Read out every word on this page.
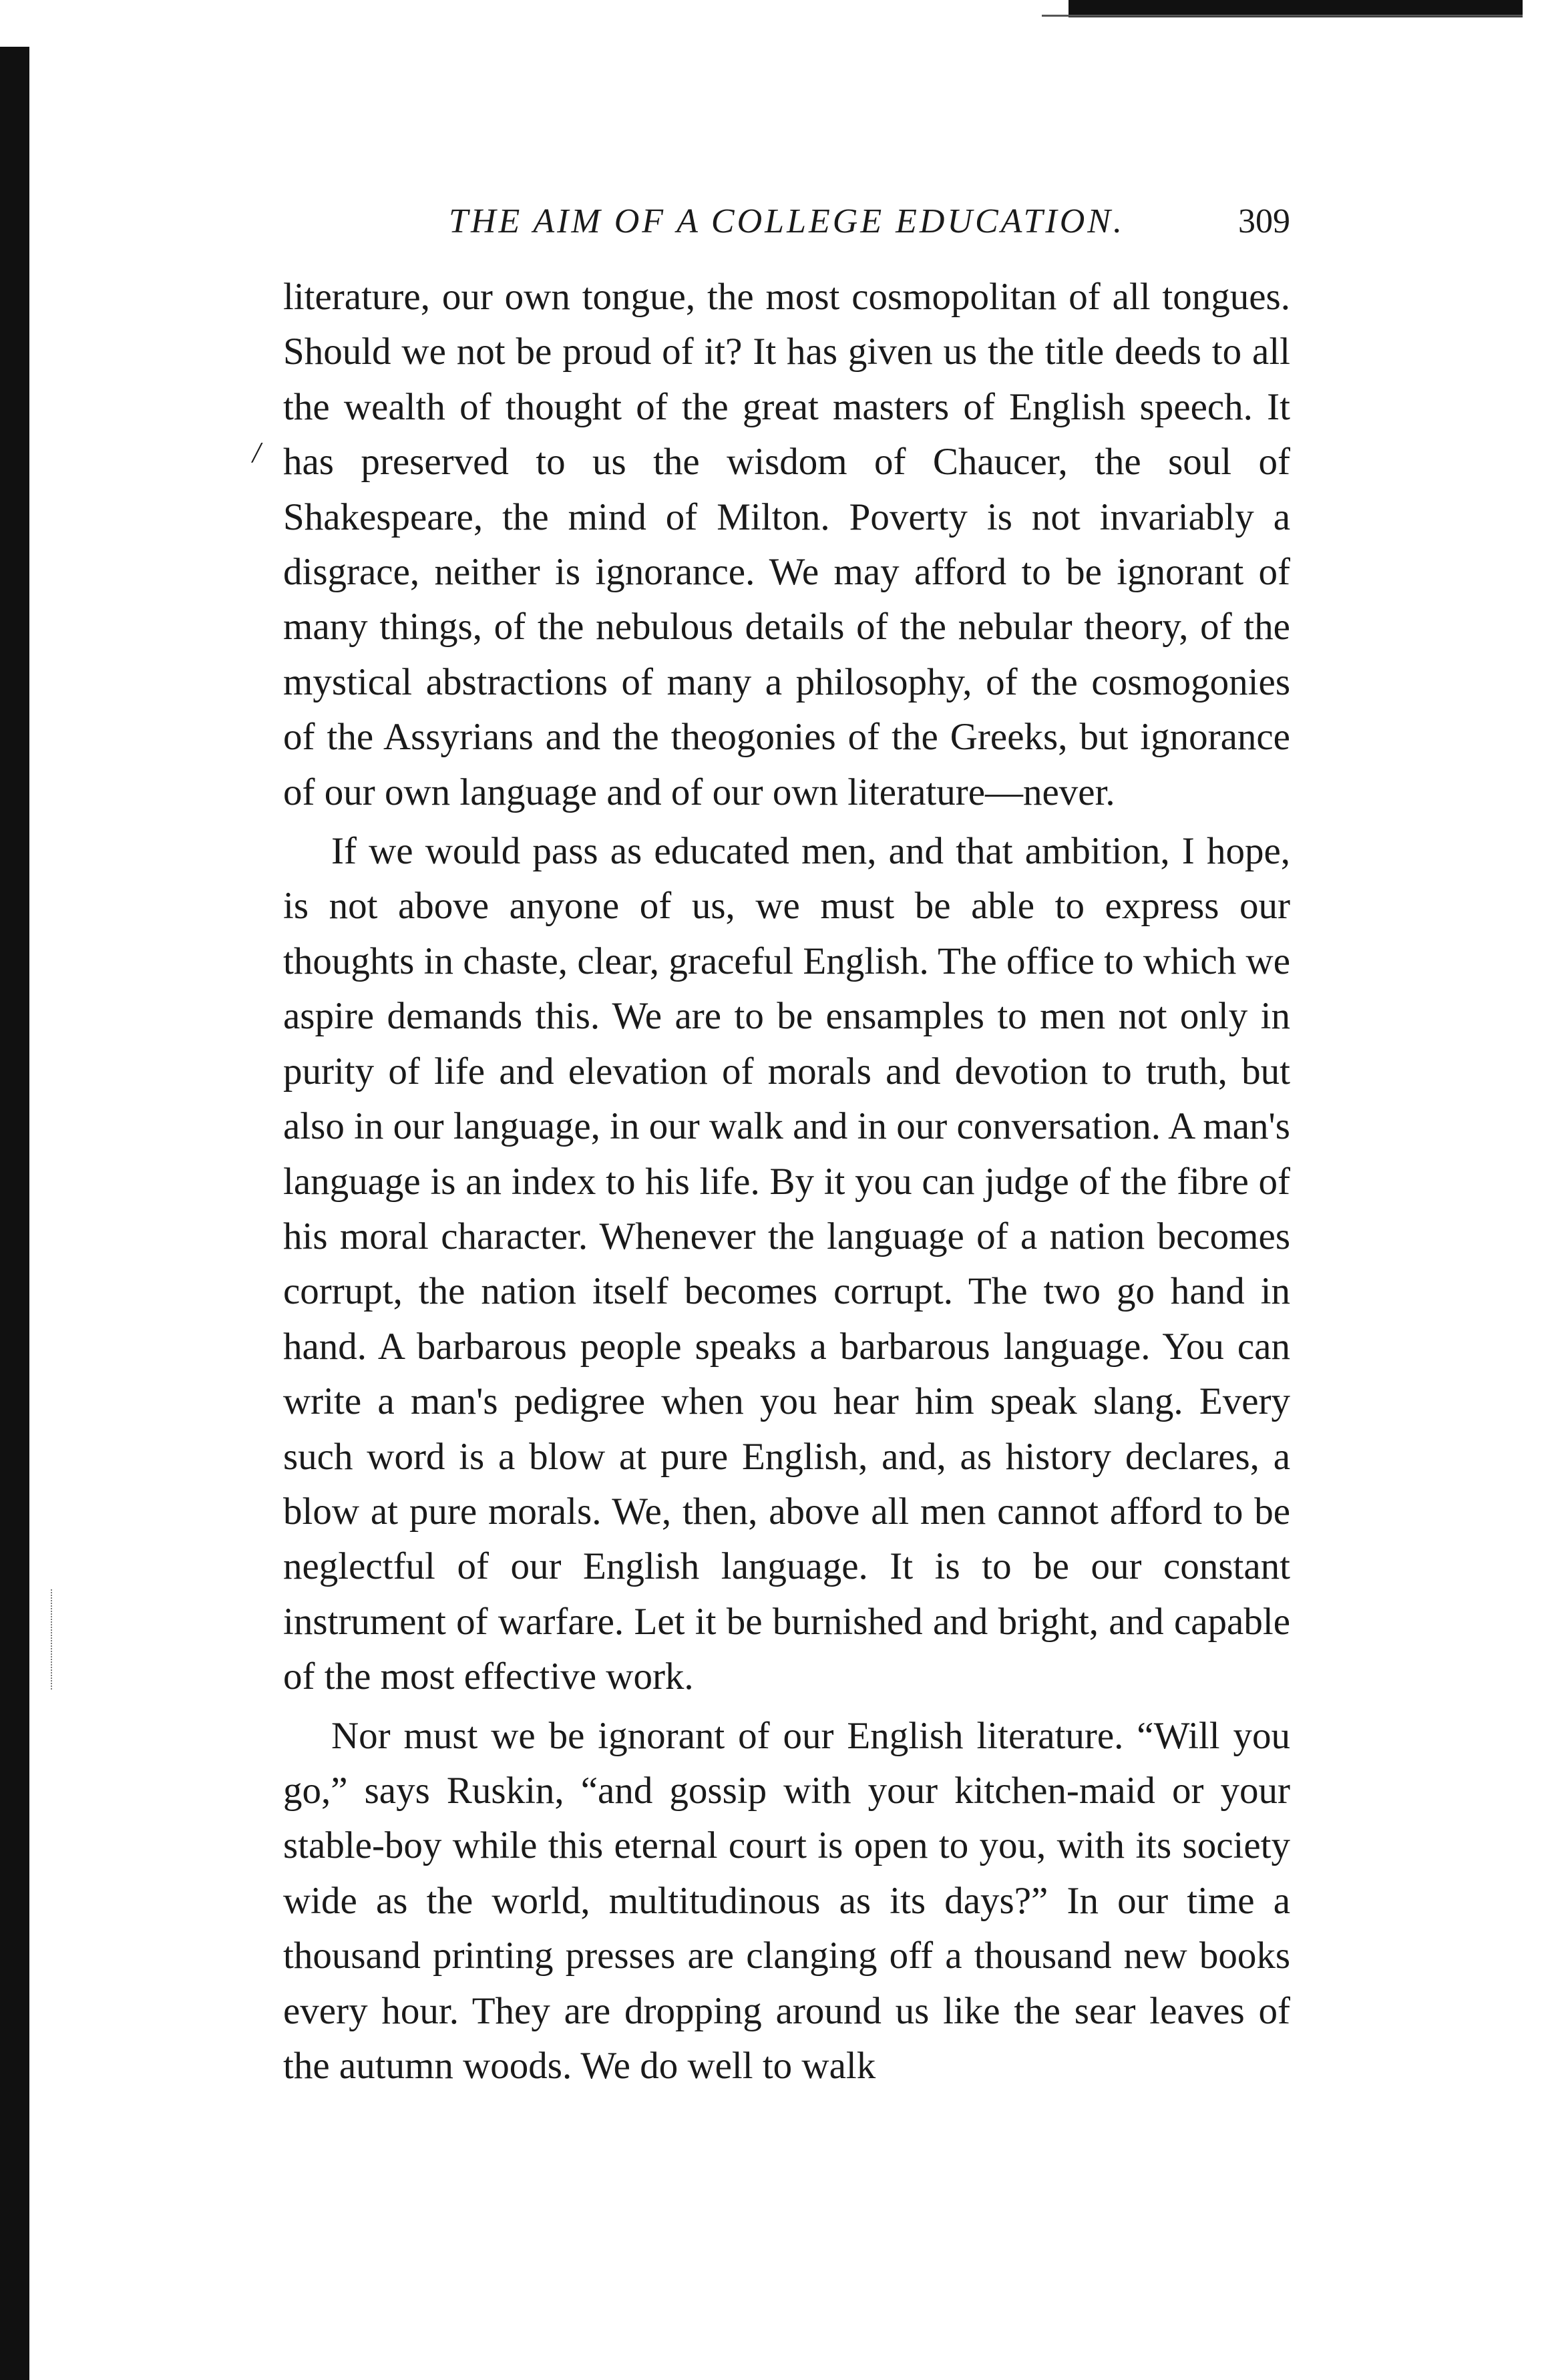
THE AIM OF A COLLEGE EDUCATION.	309
/

literature, our own tongue, the most cosmopolitan of all tongues. Should we not be proud of it? It has given us the title deeds to all the wealth of thought of the great masters of English speech. It has preserved to us the wisdom of Chaucer, the soul of Shakespeare, the mind of Milton. Poverty is not invariably a disgrace, neither is ignorance. We may afford to be ignorant of many things, of the nebulous details of the nebular theory, of the mystical abstractions of many a philosophy, of the cosmogonies of the Assyrians and the theogonies of the Greeks, but ignorance of our own language and of our own literature—never.

If we would pass as educated men, and that ambition, I hope, is not above anyone of us, we must be able to express our thoughts in chaste, clear, graceful English. The office to which we aspire demands this. We are to be ensamples to men not only in purity of life and elevation of morals and devotion to truth, but also in our language, in our walk and in our conversation. A man's language is an index to his life. By it you can judge of the fibre of his moral character. Whenever the language of a nation becomes corrupt, the nation itself becomes corrupt. The two go hand in hand. A barbarous people speaks a barbarous language. You can write a man's pedigree when you hear him speak slang. Every such word is a blow at pure English, and, as history declares, a blow at pure morals. We, then, above all men cannot afford to be neglectful of our English language. It is to be our constant instrument of warfare. Let it be burnished and bright, and capable of the most effective work.

Nor must we be ignorant of our English literature. “Will you go,” says Ruskin, “and gossip with your kitchen-maid or your stable-boy while this eternal court is open to you, with its society wide as the world, multitudinous as its days?” In our time a thousand printing presses are clanging off a thousand new books every hour. They are dropping around us like the sear leaves of the autumn woods. We do well to walk
